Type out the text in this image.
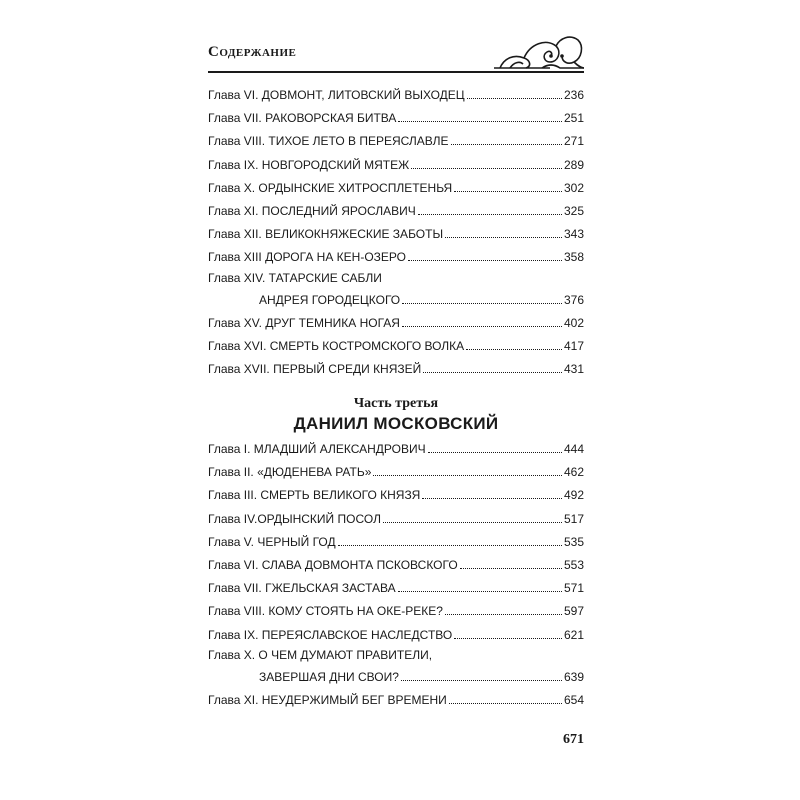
Содержание
Глава VI. ДОВМОНТ, ЛИТОВСКИЙ ВЫХОДЕЦ	236
Глава VII. РАКОВОРСКАЯ БИТВА	251
Глава VIII. ТИХОЕ ЛЕТО В ПЕРЕЯСЛАВЛЕ	271
Глава IX. НОВГОРОДСКИЙ МЯТЕЖ	289
Глава X. ОРДЫНСКИЕ ХИТРОСПЛЕТЕНЬЯ	302
Глава XI. ПОСЛЕДНИЙ ЯРОСЛАВИЧ	325
Глава XII. ВЕЛИКОКНЯЖЕСКИЕ ЗАБОТЫ	343
Глава XIII ДОРОГА НА КЕН-ОЗЕРО	358
Глава XIV. ТАТАРСКИЕ САБЛИ
АНДРЕЯ ГОРОДЕЦКОГО	376
Глава XV. ДРУГ ТЕМНИКА НОГАЯ	402
Глава XVI. СМЕРТЬ КОСТРОМСКОГО ВОЛКА	417
Глава XVII. ПЕРВЫЙ СРЕДИ КНЯЗЕЙ	431
Часть третья
ДАНИИЛ МОСКОВСКИЙ
Глава I. МЛАДШИЙ АЛЕКСАНДРОВИЧ	444
Глава II. «ДЮДЕНЕВА РАТЬ»	462
Глава III. СМЕРТЬ ВЕЛИКОГО КНЯЗЯ	492
Глава IV.ОРДЫНСКИЙ ПОСОЛ	517
Глава V. ЧЕРНЫЙ ГОД	535
Глава VI. СЛАВА ДОВМОНТА ПСКОВСКОГО	553
Глава VII. ГЖЕЛЬСКАЯ ЗАСТАВА	571
Глава VIII. КОМУ СТОЯТЬ НА ОКЕ-РЕКЕ?	597
Глава IX. ПЕРЕЯСЛАВСКОЕ НАСЛЕДСТВО	621
Глава X. О ЧЕМ ДУМАЮТ ПРАВИТЕЛИ,
ЗАВЕРШАЯ ДНИ СВОИ?	639
Глава XI. НЕУДЕРЖИМЫЙ БЕГ ВРЕМЕНИ	654
671
